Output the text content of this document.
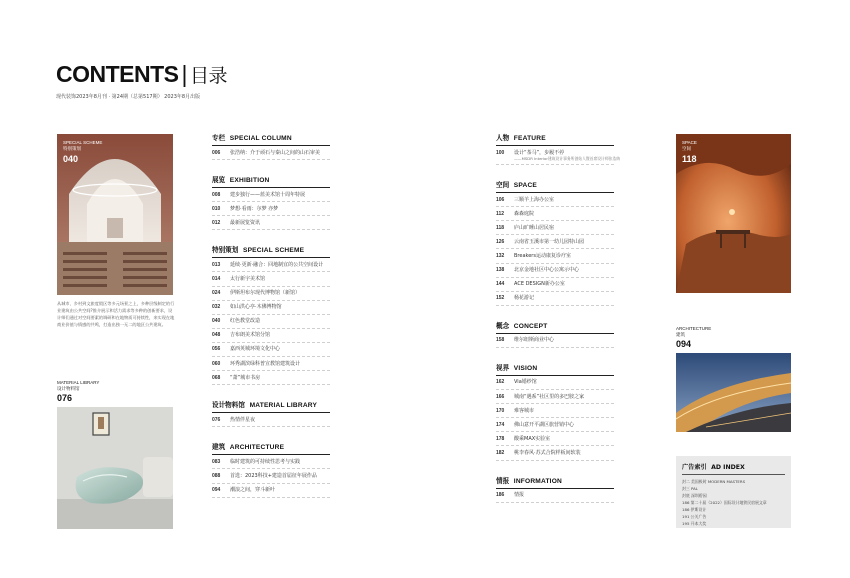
CONTENTS | 目录
现代装饰2023年8月刊 · 第24期（总第517期） 2023年8月出版
SPECIAL SCHEME
特别策划
040
从城市、乡村到文旅度假区等多元场景之上，多种层级制定的行业建筑由公共空间?推介展示和活力需求等多种的创新要求，设计师们通过对空间要素的调研和在地物质可持续性，来实现在地商业价值与情感的共鸣，打造出独一无二的地区公共建筑。
MATERIAL LIBRARY
设计物料馆
076
专栏 SPECIAL COLUMN
006	张浩纳：介于顽石与秦山之间的山石审美
展览 EXHIBITION
008	建步独行——蓝美术馆十周年特展
010	梦想·看雨：尔梦 亦梦
012	最新展览资讯
特别策划 SPECIAL SCHEME
013	延续·更新·融合：回地制宜的公共空间设计
014	太行新宇美术馆
024	伊斯坦布尔现代博物馆（新馆）
032	如山洪心亭·木佛博物馆
040	红色教堂改造
048	吉布朗美术馆分馆
056	嘉西英城环境文化中心
060	环秀湖滨绿科普宣教馆建筑设计
068	“萧”城市书房
设计物料馆 MATERIAL LIBRARY
076	热情伴星夜
建筑 ARCHITECTURE
083	临时建筑的可持续性思考与实践
088	首选：2023科技+建造首届征年展作品
094	潮浪之间，穿斗新叶
人物 FEATURE
100	设计“茶马”，步履不停
——MSDR Interior建筑设计事务所创始人暨首席设计师张浩纳
空间 SPACE
106	三顺羊上海办公室
112	森森庭院
118	庐山旷睡山居民宿
126	云南省玉溪市第一幼儿园特山园
132	Breakers运动康复诊疗室
138	北京金地社区中心公寓示中心
144	ACE DESIGN新办公室
152	杨花游记
概念 CONCEPT
158	维尔纽斯商业中心
视界 VISION
162	Via婚纱馆
166	城南“遇系”社区里的多巴胺之家
170	难客城市
174	佛山意开平湖区旅营销中心
178	酸乘MAX实验室
182	桃李春风·苏式合院样板间软装
情报 INFORMATION
186	情报
SPACE
空间
118
ARCHITECTURE
建筑
094
广告索引 AD INDEX
封二 美国极时 MODERN MASTERS
封三 PAL
封底 深圳碧园
186 第二十届（2022）国际设计地铁民宿展文章
186 伊斯设计
191 公关广告
195 开本大奖
